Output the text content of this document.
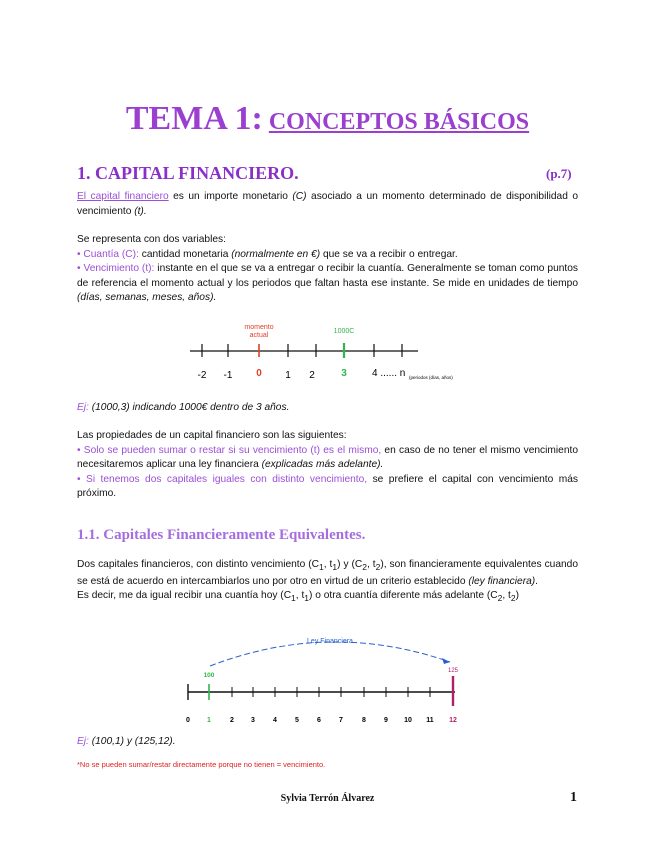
TEMA 1: CONCEPTOS BÁSICOS
1. CAPITAL FINANCIERO.	(p.7)
El capital financiero es un importe monetario (C) asociado a un momento determinado de disponibilidad o vencimiento (t).
Se representa con dos variables:
• Cuantía (C): cantidad monetaria (normalmente en €) que se va a recibir o entregar.
• Vencimiento (t): instante en el que se va a entregar o recibir la cuantía. Generalmente se toman como puntos de referencia el momento actual y los periodos que faltan hasta ese instante. Se mide en unidades de tiempo (días, semanas, meses, años).
momento
actual
1000C
-2 -1 0 1 2	3	4 ...... n (periodos (días, años)
Ej: (1000,3) indicando 1000€ dentro de 3 años.
Las propiedades de un capital financiero son las siguientes:
• Solo se pueden sumar o restar si su vencimiento (t) es el mismo, en caso de no tener el mismo vencimiento necesitaremos aplicar una ley financiera (explicadas más adelante).
• Si tenemos dos capitales iguales con distinto vencimiento, se prefiere el capital con vencimiento más próximo.
1.1. Capitales Financieramente Equivalentes.
Dos capitales financieros, con distinto vencimiento ($C_1$, $t_1$) y ($C_2$, $t_2$), son financieramente equivalentes cuando se está de acuerdo en intercambiarlos uno por otro en virtud de un criterio establecido (ley financiera).
Es decir, me da igual recibir una cuantía hoy ($C_1$, $t_1$) o otra cuantía diferente más adelante ($C_2$, $t_2$)
Ley Financiera
100
125
0 1	2 3	4	5	6	7	8	9 10 11 12
Ej: (100,1) y (125,12).
*No se pueden sumar/restar directamente porque no tienen = vencimiento.
Sylvia Terrón Álvarez	1
